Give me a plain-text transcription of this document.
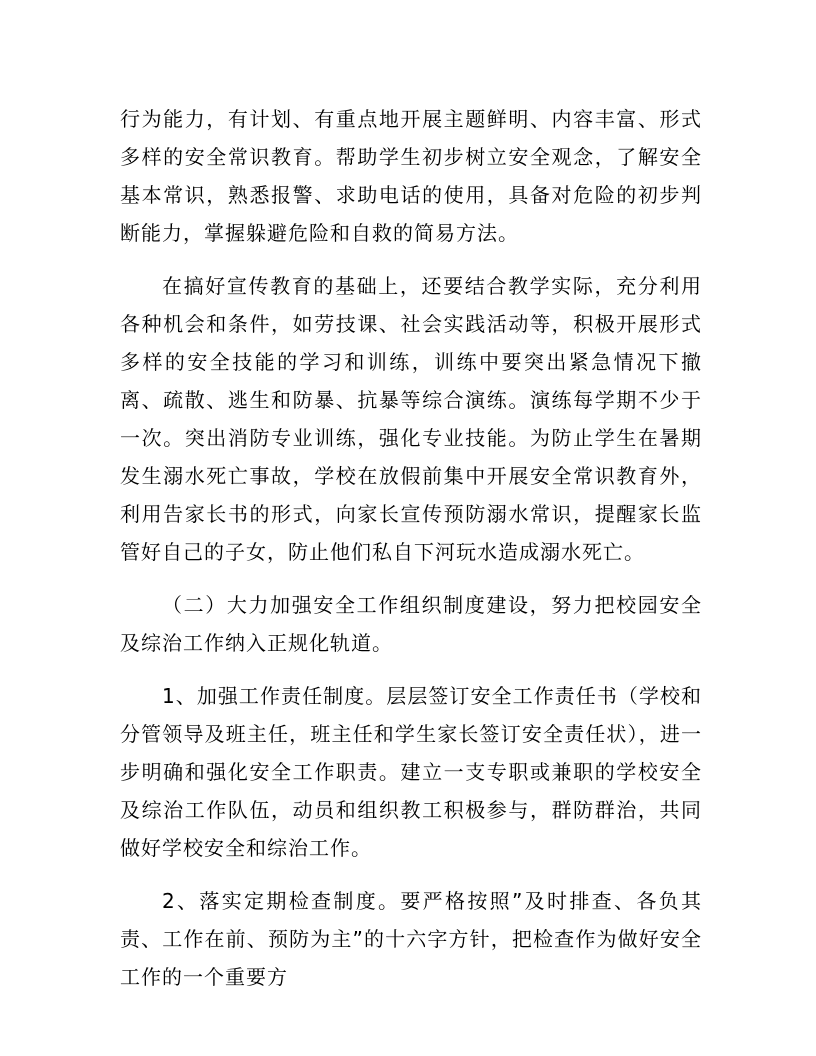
行为能力，有计划、有重点地开展主题鲜明、内容丰富、形式多样的安全常识教育。帮助学生初步树立安全观念，了解安全基本常识，熟悉报警、求助电话的使用，具备对危险的初步判断能力，掌握躲避危险和自救的简易方法。

在搞好宣传教育的基础上，还要结合教学实际，充分利用各种机会和条件，如劳技课、社会实践活动等，积极开展形式多样的安全技能的学习和训练，训练中要突出紧急情况下撤离、疏散、逃生和防暴、抗暴等综合演练。演练每学期不少于一次。突出消防专业训练，强化专业技能。为防止学生在暑期发生溺水死亡事故，学校在放假前集中开展安全常识教育外，利用告家长书的形式，向家长宣传预防溺水常识，提醒家长监管好自己的子女，防止他们私自下河玩水造成溺水死亡。

（二）大力加强安全工作组织制度建设，努力把校园安全及综治工作纳入正规化轨道。

1、加强工作责任制度。层层签订安全工作责任书（学校和分管领导及班主任，班主任和学生家长签订安全责任状），进一步明确和强化安全工作职责。建立一支专职或兼职的学校安全及综治工作队伍，动员和组织教工积极参与，群防群治，共同做好学校安全和综治工作。

2、落实定期检查制度。要严格按照”及时排查、各负其责、工作在前、预防为主”的十六字方针，把检查作为做好安全工作的一个重要方
